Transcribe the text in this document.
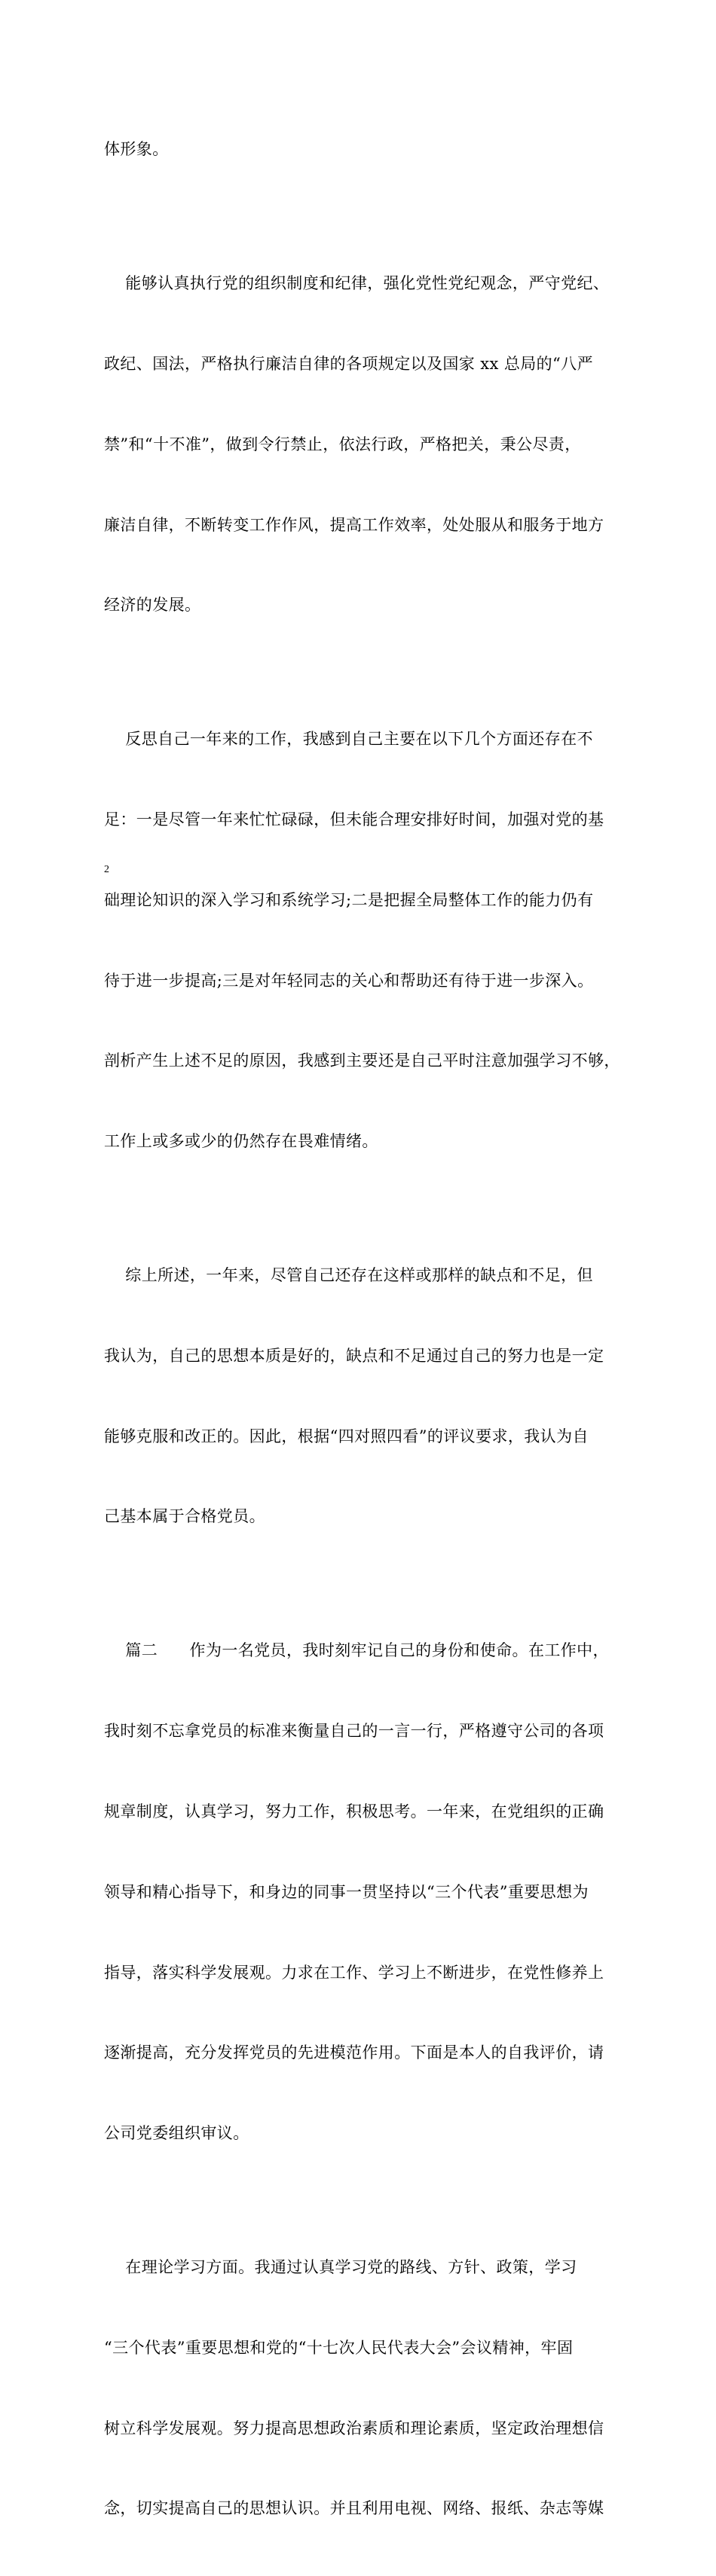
体形象。

能够认真执行党的组织制度和纪律，强化党性党纪观念，严守党纪、

政纪、国法，严格执行廉洁自律的各项规定以及国家 xx 总局的“八严

禁”和“十不准”，做到令行禁止，依法行政，严格把关，秉公尽责，

廉洁自律，不断转变工作作风，提高工作效率，处处服从和服务于地方

经济的发展。

反思自己一年来的工作，我感到自己主要在以下几个方面还存在不

足：一是尽管一年来忙忙碌碌，但未能合理安排好时间，加强对党的基

础理论知识的深入学习和系统学习;二是把握全局整体工作的能力仍有

待于进一步提高;三是对年轻同志的关心和帮助还有待于进一步深入。

剖析产生上述不足的原因，我感到主要还是自己平时注意加强学习不够，

工作上或多或少的仍然存在畏难情绪。

综上所述，一年来，尽管自己还存在这样或那样的缺点和不足，但

我认为，自己的思想本质是好的，缺点和不足通过自己的努力也是一定

能够克服和改正的。因此，根据“四对照四看”的评议要求，我认为自

己基本属于合格党员。

篇二      作为一名党员，我时刻牢记自己的身份和使命。在工作中，

我时刻不忘拿党员的标准来衡量自己的一言一行，严格遵守公司的各项

规章制度，认真学习，努力工作，积极思考。一年来，在党组织的正确

领导和精心指导下，和身边的同事一贯坚持以“三个代表”重要思想为

指导，落实科学发展观。力求在工作、学习上不断进步，在党性修养上

逐渐提高，充分发挥党员的先进模范作用。下面是本人的自我评价，请

公司党委组织审议。

在理论学习方面。我通过认真学习党的路线、方针、政策，学习

“三个代表”重要思想和党的“十七次人民代表大会”会议精神，牢固

树立科学发展观。努力提高思想政治素质和理论素质，坚定政治理想信

念，切实提高自己的思想认识。并且利用电视、网络、报纸、杂志等媒

2
